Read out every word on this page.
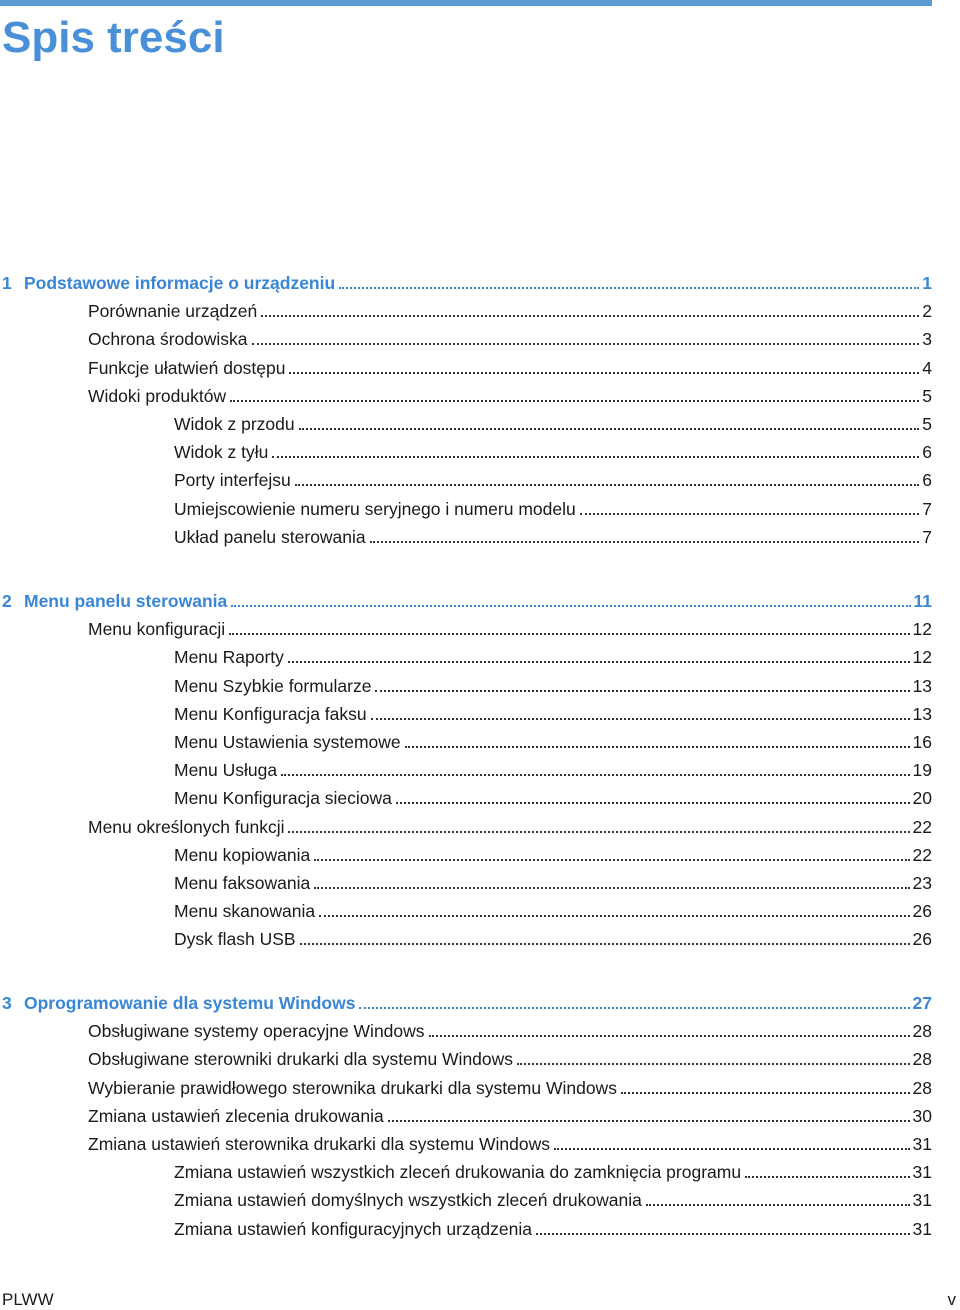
Spis treści
1 Podstawowe informacje o urządzeniu	1
Porównanie urządzeń	2
Ochrona środowiska	3
Funkcje ułatwień dostępu	4
Widoki produktów	5
Widok z przodu	5
Widok z tyłu	6
Porty interfejsu	6
Umiejscowienie numeru seryjnego i numeru modelu	7
Układ panelu sterowania	7
2 Menu panelu sterowania	11
Menu konfiguracji	12
Menu Raporty	12
Menu Szybkie formularze	13
Menu Konfiguracja faksu	13
Menu Ustawienia systemowe	16
Menu Usługa	19
Menu Konfiguracja sieciowa	20
Menu określonych funkcji	22
Menu kopiowania	22
Menu faksowania	23
Menu skanowania	26
Dysk flash USB	26
3 Oprogramowanie dla systemu Windows	27
Obsługiwane systemy operacyjne Windows	28
Obsługiwane sterowniki drukarki dla systemu Windows	28
Wybieranie prawidłowego sterownika drukarki dla systemu Windows	28
Zmiana ustawień zlecenia drukowania	30
Zmiana ustawień sterownika drukarki dla systemu Windows	31
Zmiana ustawień wszystkich zleceń drukowania do zamknięcia programu	31
Zmiana ustawień domyślnych wszystkich zleceń drukowania	31
Zmiana ustawień konfiguracyjnych urządzenia	31
PLWW	v
